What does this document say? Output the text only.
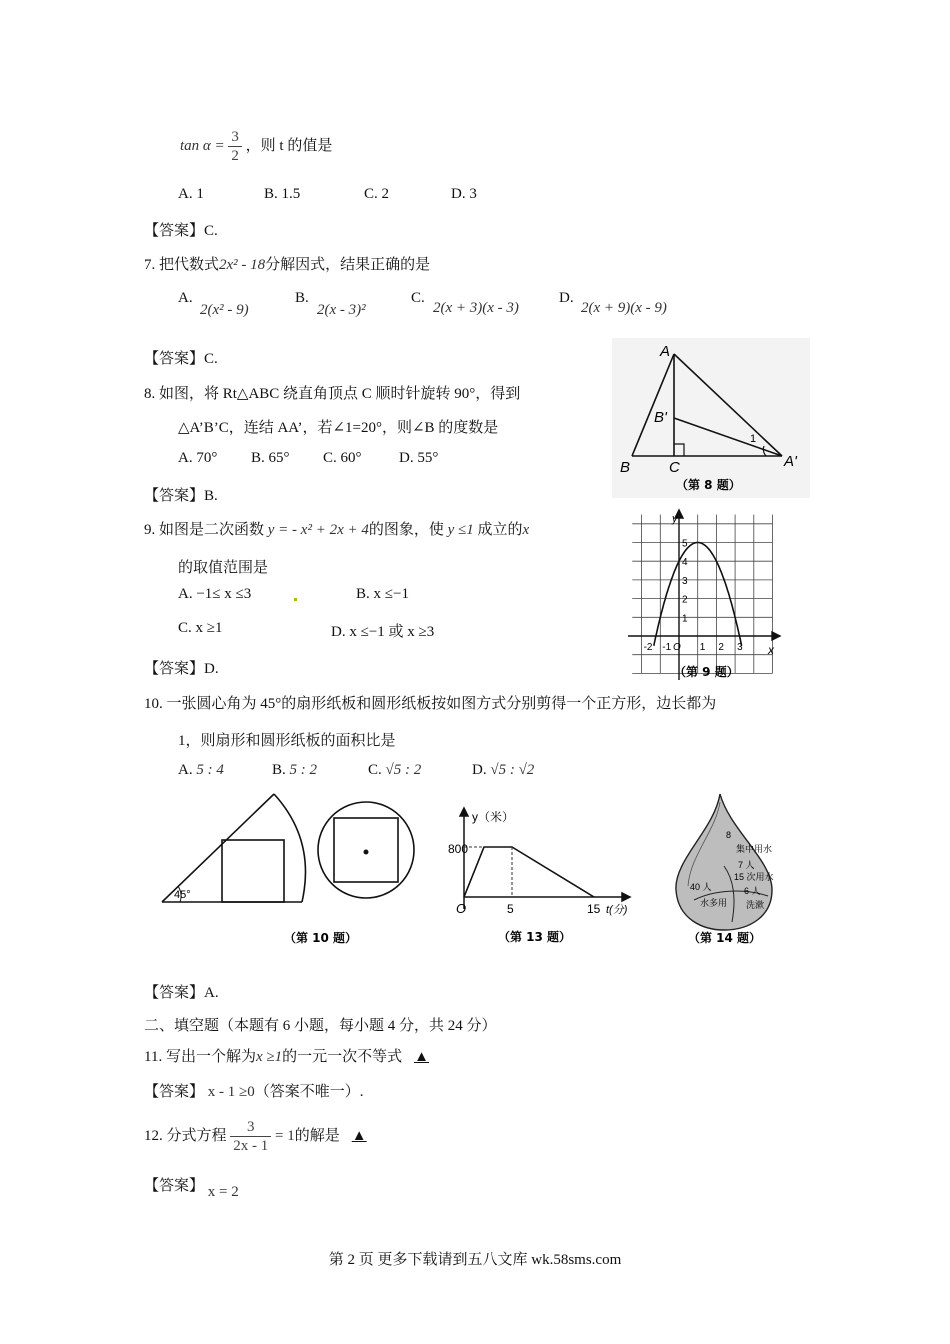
$\tan \alpha = \frac{3}{2}$ ，则 t 的值是
A. 1	B. 1.5	C. 2	D. 3
【答案】C.
7. 把代数式2x² - 18分解因式，结果正确的是
A.
2(x² - 9)
B.
2(x - 3)²
C.
2(x + 3)(x - 3)
D.
2(x + 9)(x - 9)
【答案】C.
8. 如图，将 Rt△ABC 绕直角顶点 C 顺时针旋转 90°，得到
△A’B’C，连结 AA’，若∠1=20°，则∠B 的度数是
A. 70° B. 65° C. 60° D. 55°
【答案】B.
A
B'
B	C
1
A'
（第 8 题）
9. 如图是二次函数 y = - x² + 2x + 4的图象，使 y ≤1 成立的x
的取值范围是
A. −1≤ x ≤3	B. x ≤−1
C. x ≥1	D. x ≤−1 或 x ≥3
【答案】D.
y
x
-2 -1 O 1 2 3
1
2
3
4
5
（第 9 题）
10. 一张圆心角为 45°的扇形纸板和圆形纸板按如图方式分别剪得一个正方形，边长都为
1，则扇形和圆形纸板的面积比是
A. 5 : 4	B. 5 : 2	C. √5 : 2	D. √5 : √2
45°
（第 10 题）
y（米）
800
O	5	15 t(分)
（第 13 题）
8
集中用水
7 人
15 次用水
6 人
40 人
水多用 洗漱
（第 14 题）
【答案】A.
二、填空题（本题有 6 小题，每小题 4 分，共 24 分）
11. 写出一个解为x ≥1的一元一次不等式 ▲
【答案】 x - 1 ≥0（答案不唯一）.
12. 分式方程 $\frac{3}{2x - 1} = 1$的解是 ▲
【答案】 x = 2
第 2 页 更多下载请到五八文库 wk.58sms.com
